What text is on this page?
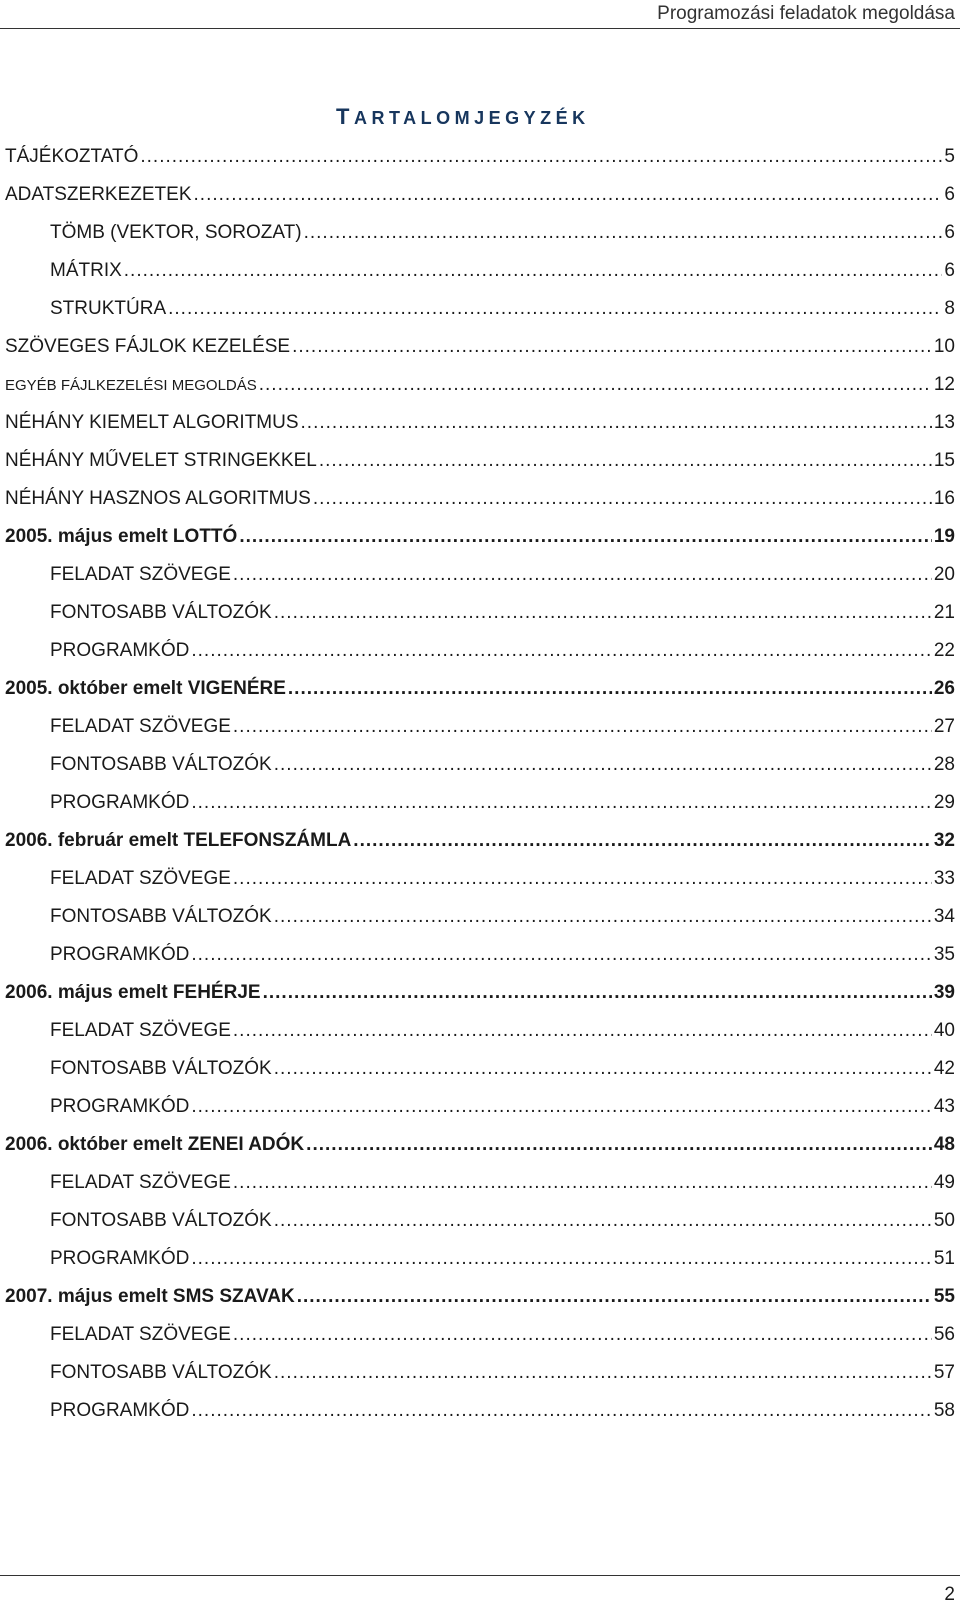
Programozási feladatok megoldása
TARTALOMJEGYZÉK
TÁJÉKOZTATÓ .....	5
ADATSZERKEZETEK .....	6
TÖMB (VEKTOR, SOROZAT) .....	6
MÁTRIX .....	6
STRUKTÚRA .....	8
SZÖVEGES FÁJLOK KEZELÉSE .....	10
EGYÉB FÁJLKEZELÉSI MEGOLDÁS .....	12
NÉHÁNY KIEMELT ALGORITMUS .....	13
NÉHÁNY MŰVELET STRINGEKKEL .....	15
NÉHÁNY HASZNOS ALGORITMUS .....	16
2005. május emelt LOTTÓ .....	19
FELADAT SZÖVEGE .....	20
FONTOSABB VÁLTOZÓK .....	21
PROGRAMKÓD .....	22
2005. október emelt VIGENÉRE .....	26
FELADAT SZÖVEGE .....	27
FONTOSABB VÁLTOZÓK .....	28
PROGRAMKÓD .....	29
2006. február emelt TELEFONSZÁMLA .....	32
FELADAT SZÖVEGE .....	33
FONTOSABB VÁLTOZÓK .....	34
PROGRAMKÓD .....	35
2006. május emelt FEHÉRJE .....	39
FELADAT SZÖVEGE .....	40
FONTOSABB VÁLTOZÓK .....	42
PROGRAMKÓD .....	43
2006. október emelt ZENEI ADÓK .....	48
FELADAT SZÖVEGE .....	49
FONTOSABB VÁLTOZÓK .....	50
PROGRAMKÓD .....	51
2007. május emelt SMS SZAVAK .....	55
FELADAT SZÖVEGE .....	56
FONTOSABB VÁLTOZÓK .....	57
PROGRAMKÓD .....	58
2
